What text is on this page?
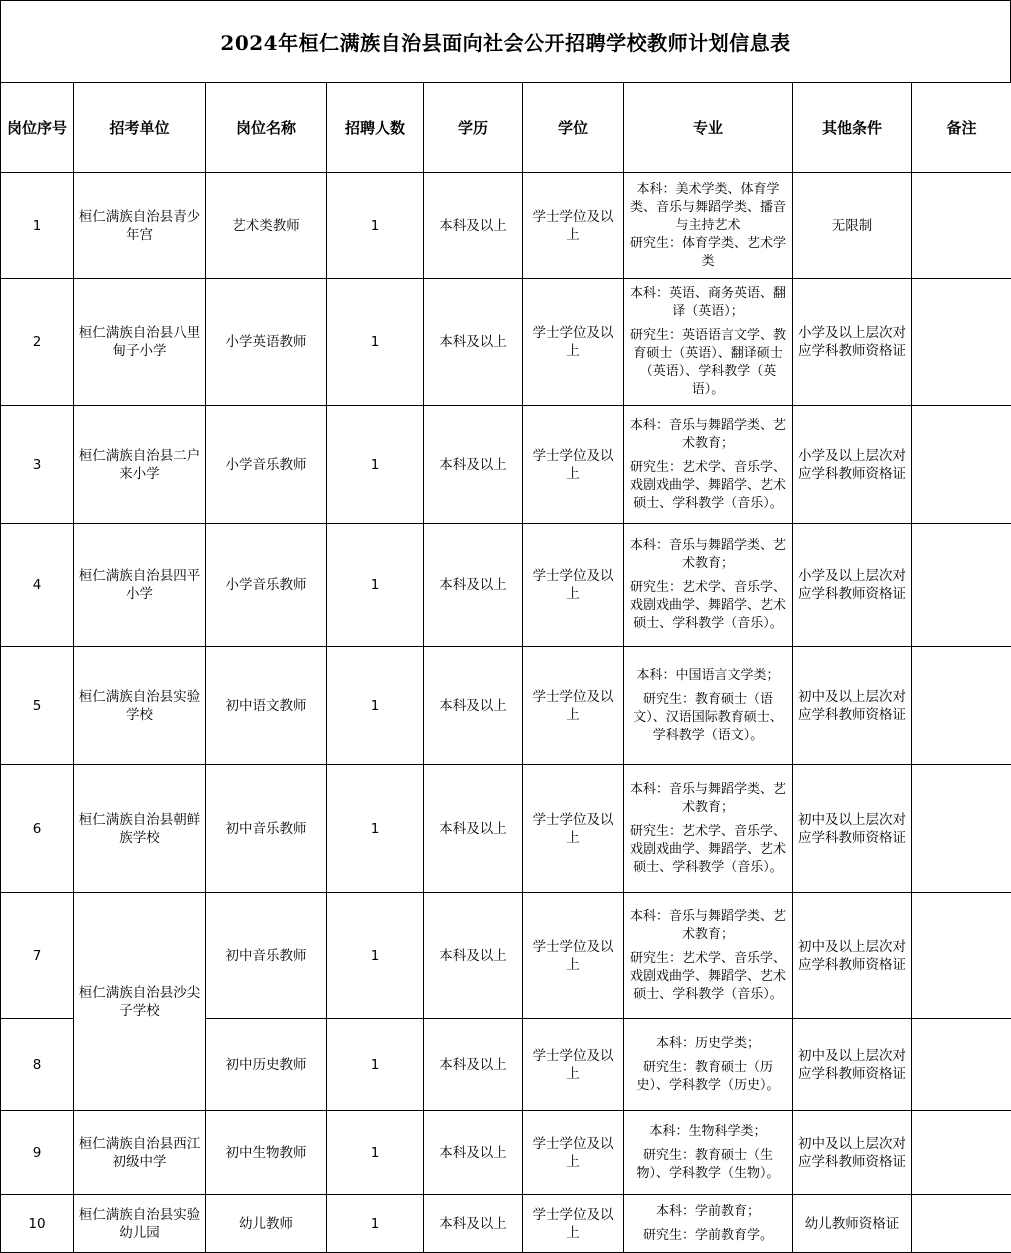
2024年桓仁满族自治县面向社会公开招聘学校教师计划信息表
岗位序号	招考单位	岗位名称	招聘人数	学历	学位	专业	其他条件	备注
1	桓仁满族自治县青少年宫	艺术类教师	1	本科及以上	学士学位及以上	本科：美术学类、体育学类、音乐与舞蹈学类、播音与主持艺术
研究生：体育学类、艺术学类	无限制	
2	桓仁满族自治县八里甸子小学	小学英语教师	1	本科及以上	学士学位及以上	本科：英语、商务英语、翻译（英语）；
研究生：英语语言文学、教育硕士（英语）、翻译硕士（英语）、学科教学（英语）。	小学及以上层次对应学科教师资格证	
3	桓仁满族自治县二户来小学	小学音乐教师	1	本科及以上	学士学位及以上	本科：音乐与舞蹈学类、艺术教育；
研究生：艺术学、音乐学、戏剧戏曲学、舞蹈学、艺术硕士、学科教学（音乐）。	小学及以上层次对应学科教师资格证	
4	桓仁满族自治县四平小学	小学音乐教师	1	本科及以上	学士学位及以上	本科：音乐与舞蹈学类、艺术教育；
研究生：艺术学、音乐学、戏剧戏曲学、舞蹈学、艺术硕士、学科教学（音乐）。	小学及以上层次对应学科教师资格证	
5	桓仁满族自治县实验学校	初中语文教师	1	本科及以上	学士学位及以上	本科：中国语言文学类；
研究生：教育硕士（语文）、汉语国际教育硕士、学科教学（语文）。	初中及以上层次对应学科教师资格证	
6	桓仁满族自治县朝鲜族学校	初中音乐教师	1	本科及以上	学士学位及以上	本科：音乐与舞蹈学类、艺术教育；
研究生：艺术学、音乐学、戏剧戏曲学、舞蹈学、艺术硕士、学科教学（音乐）。	初中及以上层次对应学科教师资格证	
7	桓仁满族自治县沙尖子学校	初中音乐教师	1	本科及以上	学士学位及以上	本科：音乐与舞蹈学类、艺术教育；
研究生：艺术学、音乐学、戏剧戏曲学、舞蹈学、艺术硕士、学科教学（音乐）。	初中及以上层次对应学科教师资格证	
8		初中历史教师	1	本科及以上	学士学位及以上	本科：历史学类；
研究生：教育硕士（历史）、学科教学（历史）。	初中及以上层次对应学科教师资格证	
9	桓仁满族自治县西江初级中学	初中生物教师	1	本科及以上	学士学位及以上	本科：生物科学类；
研究生：教育硕士（生物）、学科教学（生物）。	初中及以上层次对应学科教师资格证	
10	桓仁满族自治县实验幼儿园	幼儿教师	1	本科及以上	学士学位及以上	本科：学前教育；
研究生：学前教育学。	幼儿教师资格证	
